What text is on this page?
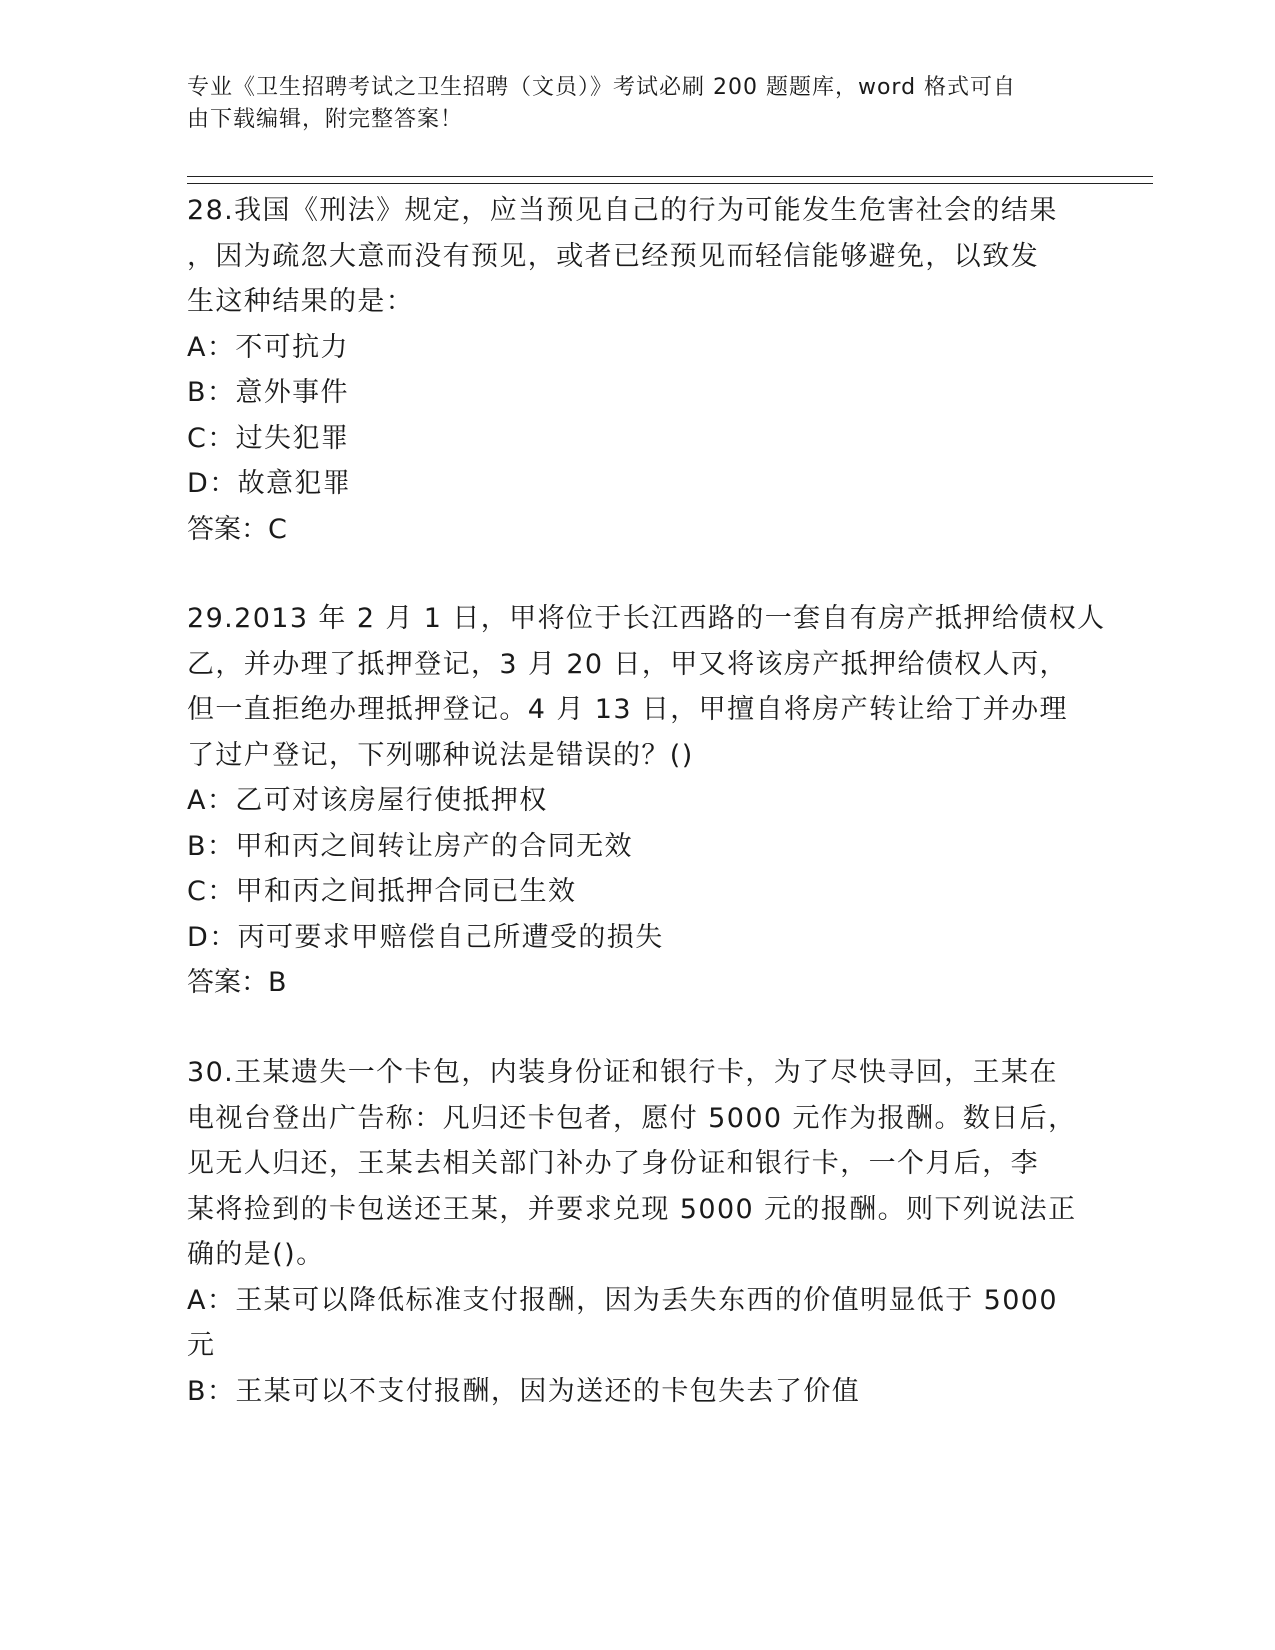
专业《卫生招聘考试之卫生招聘（文员）》考试必刷 200 题题库，word 格式可自
由下载编辑，附完整答案！
28.我国《刑法》规定，应当预见自己的行为可能发生危害社会的结果
，因为疏忽大意而没有预见，或者已经预见而轻信能够避免，以致发
生这种结果的是：
A：不可抗力
B：意外事件
C：过失犯罪
D：故意犯罪
答案：C
29.2013 年 2 月 1 日，甲将位于长江西路的一套自有房产抵押给债权人
乙，并办理了抵押登记，3 月 20 日，甲又将该房产抵押给债权人丙，
但一直拒绝办理抵押登记。4 月 13 日，甲擅自将房产转让给丁并办理
了过户登记，下列哪种说法是错误的？()
A：乙可对该房屋行使抵押权
B：甲和丙之间转让房产的合同无效
C：甲和丙之间抵押合同已生效
D：丙可要求甲赔偿自己所遭受的损失
答案：B
30.王某遗失一个卡包，内装身份证和银行卡，为了尽快寻回，王某在
电视台登出广告称：凡归还卡包者，愿付 5000 元作为报酬。数日后，
见无人归还，王某去相关部门补办了身份证和银行卡，一个月后，李
某将捡到的卡包送还王某，并要求兑现 5000 元的报酬。则下列说法正
确的是()。
A：王某可以降低标准支付报酬，因为丢失东西的价值明显低于 5000
元
B：王某可以不支付报酬，因为送还的卡包失去了价值
